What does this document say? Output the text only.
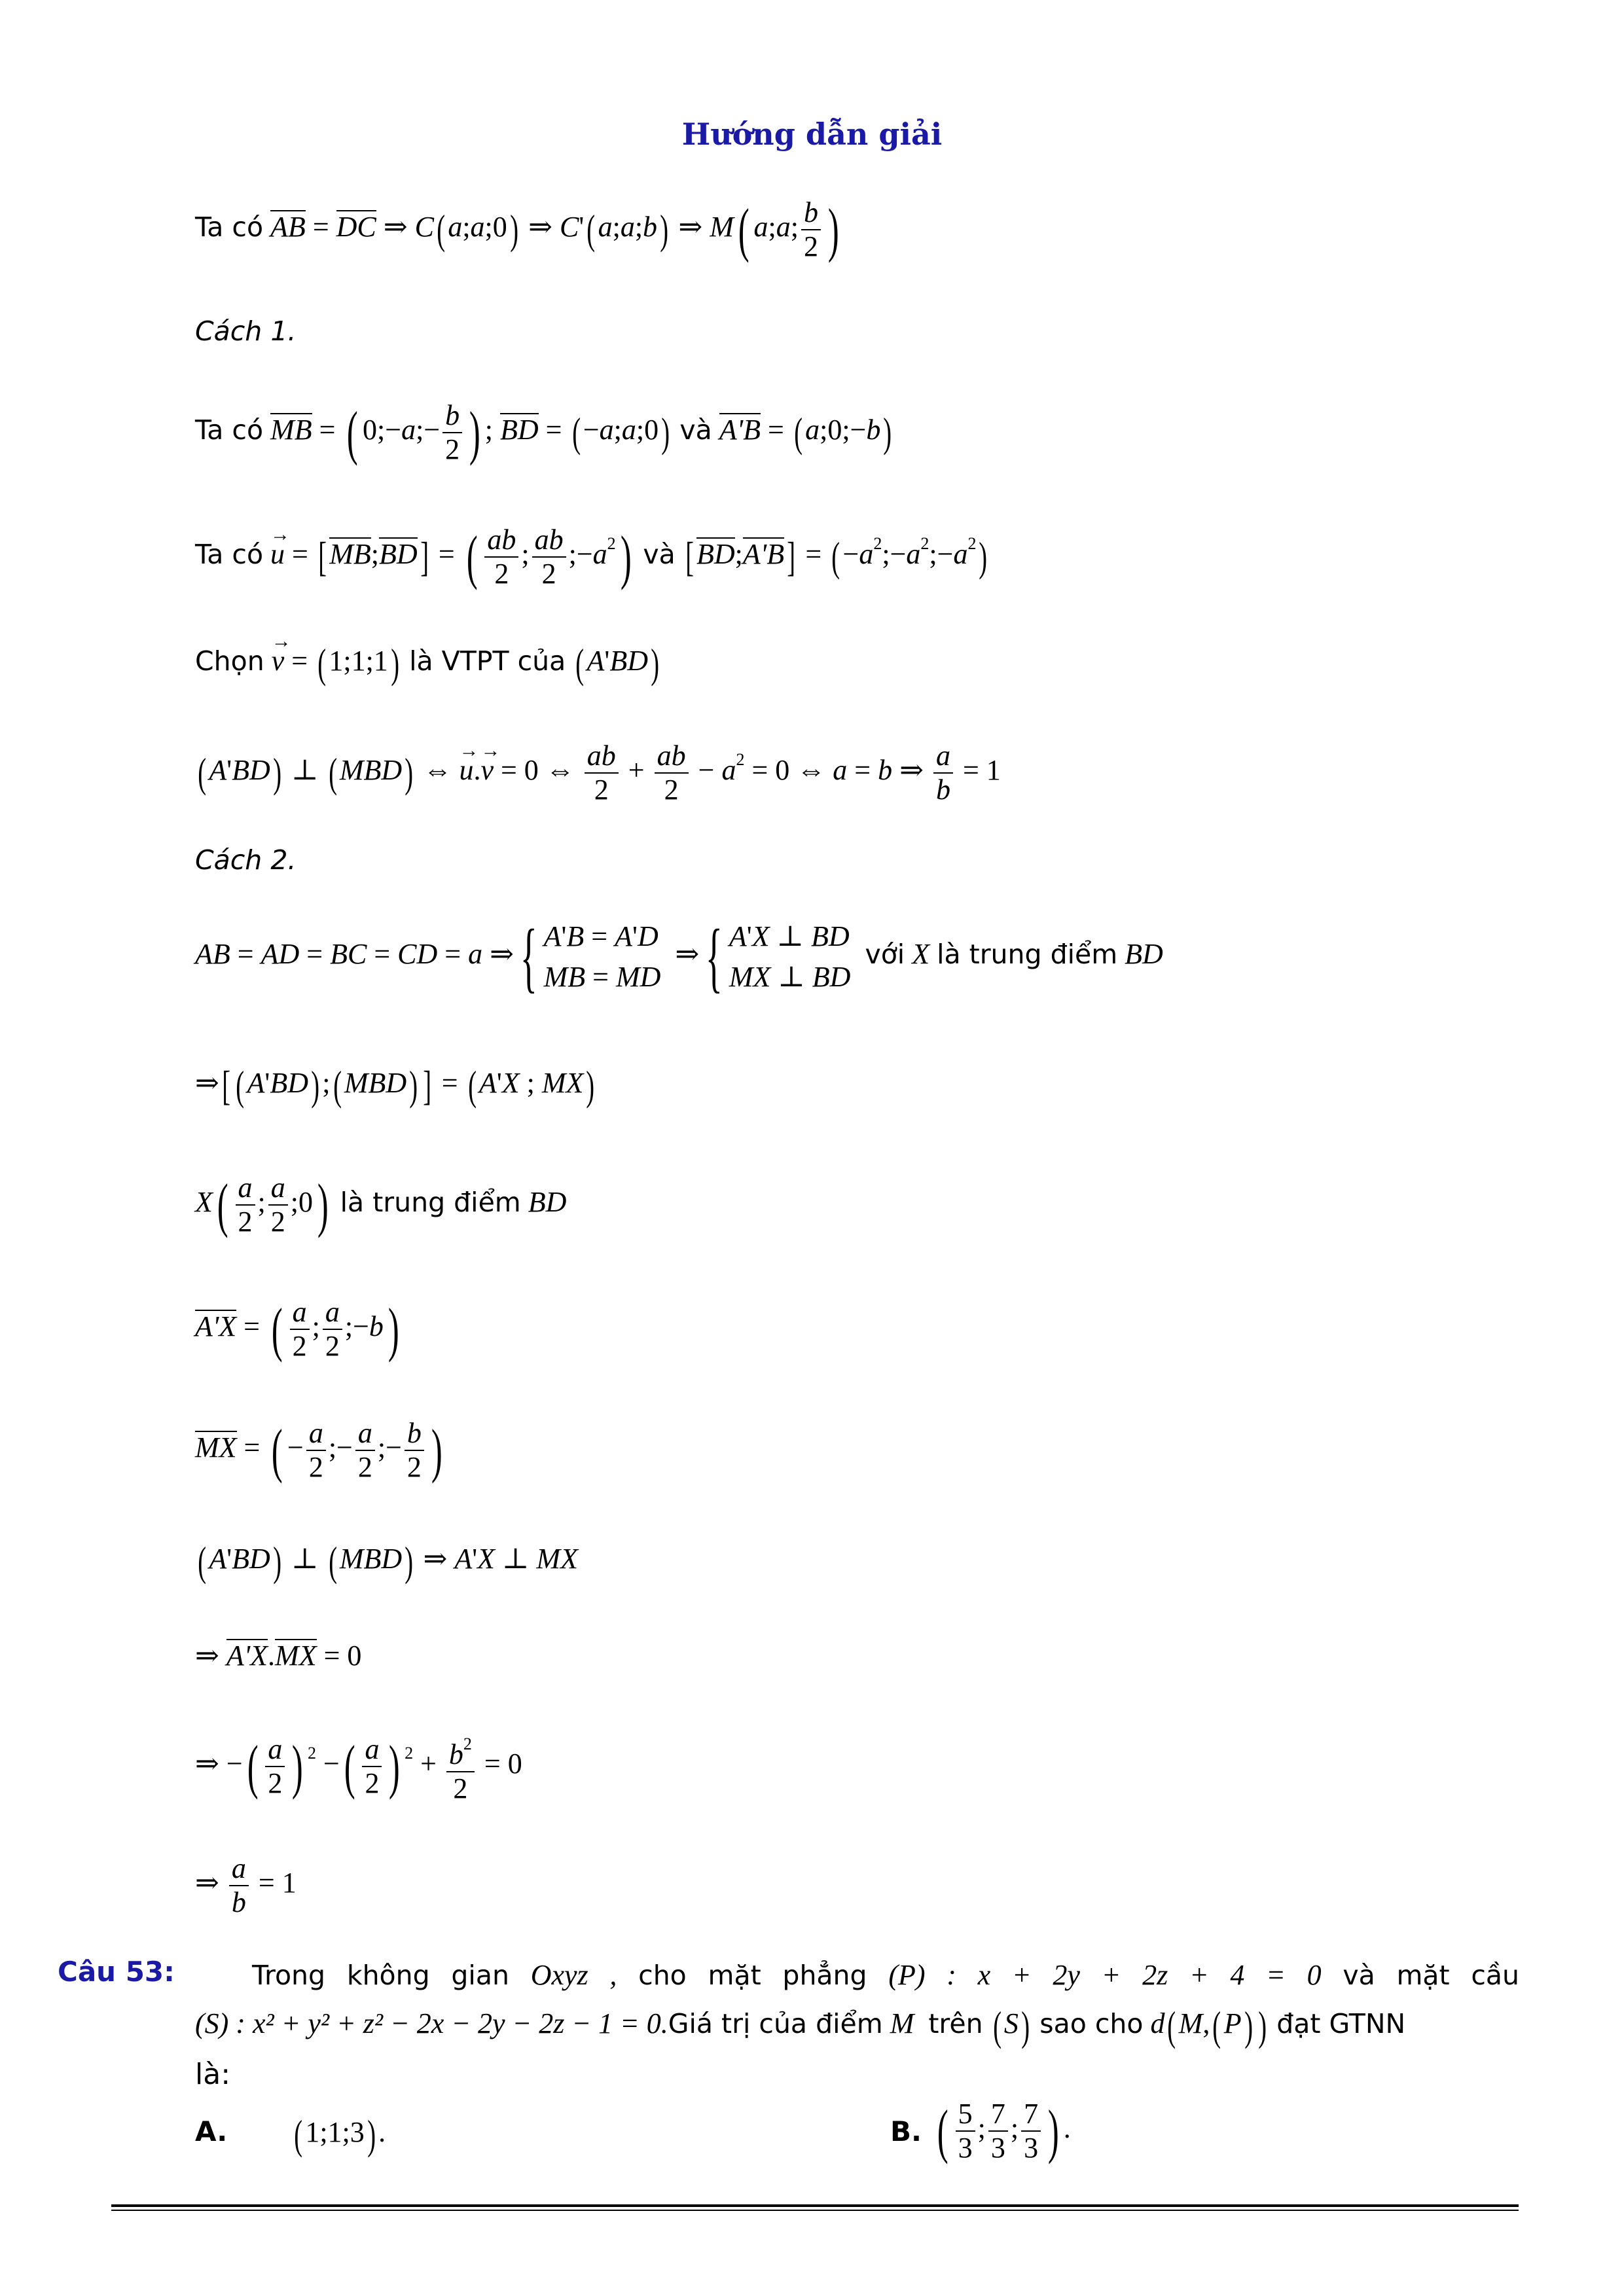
Hướng dẫn giải
Ta có AB = DC ⇒ C(a;a;0) ⇒ C'(a;a;b) ⇒ M( a;a; $\frac{b}{2}$ )
Cách 1.
Ta có MB = ( 0;−a;− $\frac{b}{2}$ ) ; BD = (−a;a;0) và A'B = (a;0;−b)
Ta có → u = [MB;BD] = ( $\frac{ab}{2}$ ; $\frac{ab}{2}$ $;-a^2$) và [BD;A'B] = $(-a^2;-a^2;-a^2)$
Chọn → v = (1;1;1) là VTPT của (A'BD)
(A'BD) ⊥ (MBD) ⇔ → u.→ v = 0 ⇔ $\frac{ab}{2} + \frac{ab}{2} - a^2 = 0$ ⇔ a = b ⇒ $\frac{a}{b} = 1$
Cách 2.
AB = AD = BC = CD = a ⇒{ A'B = A'D
MB = MD
⇒{ A'X ⊥ BD
MX ⊥ BD
với X là trung điểm BD
⇒[ (A'BD);(MBD) ] = (A'X ; MX)
$X( \frac{a}{2}$ ; $\frac{a}{2}$ ;0) là trung điểm BD
A'X = ( $\frac{a}{2}$ ; $\frac{a}{2}$ ;−b)
MX = ( − $\frac{a}{2}$ ;− $\frac{a}{2}$ ;− $\frac{b}{2}$ )
(A'BD) ⊥ (MBD) ⇒ A'X ⊥ MX
⇒ A'X.MX = 0
⇒ −( $\frac{a}{2}$ ) $^2$ −( $\frac{a}{2}$ ) $^2 + \frac{b^2}{2} = 0$
⇒ $\frac{a}{b} = 1$
Câu 53:	Trong không gian Oxyz , cho mặt phẳng (P) : x + 2y + 2z + 4 = 0 và mặt cầu
(S) : x² + y² + z² − 2x − 2y − 2z − 1 = 0.Giá trị của điểm M trên (S) sao cho d(M,(P) ) đạt GTNN
là:
A. (1;1;3).	B. ( $\frac{5}{3}$ ; $\frac{7}{3}$ ; $\frac{7}{3}$ ) .
